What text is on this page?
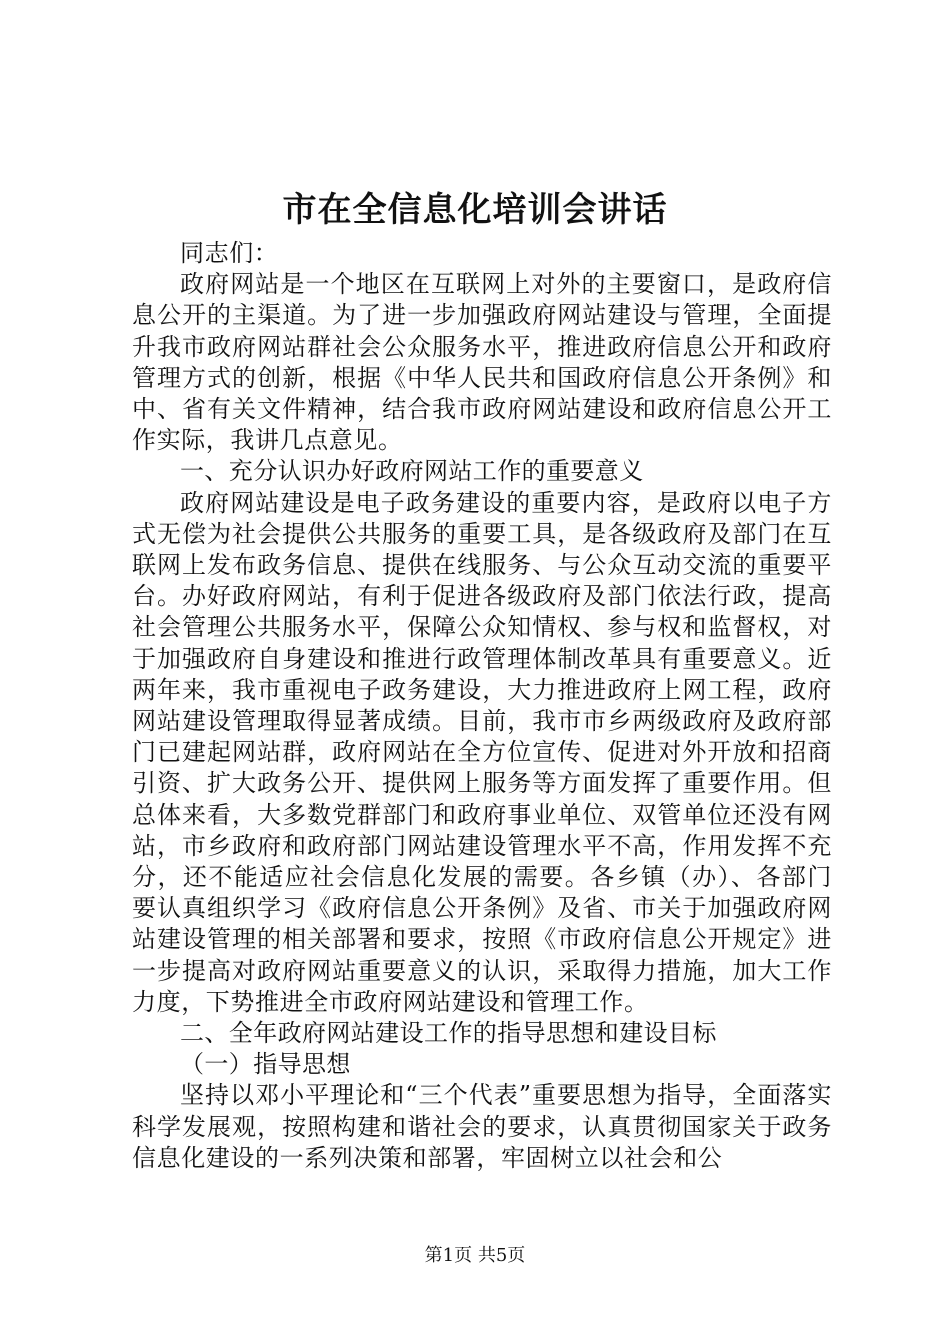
市在全信息化培训会讲话

同志们：

政府网站是一个地区在互联网上对外的主要窗口，是政府信息公开的主渠道。为了进一步加强政府网站建设与管理，全面提升我市政府网站群社会公众服务水平，推进政府信息公开和政府管理方式的创新，根据《中华人民共和国政府信息公开条例》和中、省有关文件精神，结合我市政府网站建设和政府信息公开工作实际，我讲几点意见。

一、充分认识办好政府网站工作的重要意义

政府网站建设是电子政务建设的重要内容，是政府以电子方式无偿为社会提供公共服务的重要工具，是各级政府及部门在互联网上发布政务信息、提供在线服务、与公众互动交流的重要平台。办好政府网站，有利于促进各级政府及部门依法行政，提高社会管理公共服务水平，保障公众知情权、参与权和监督权，对于加强政府自身建设和推进行政管理体制改革具有重要意义。近两年来，我市重视电子政务建设，大力推进政府上网工程，政府网站建设管理取得显著成绩。目前，我市市乡两级政府及政府部门已建起网站群，政府网站在全方位宣传、促进对外开放和招商引资、扩大政务公开、提供网上服务等方面发挥了重要作用。但总体来看，大多数党群部门和政府事业单位、双管单位还没有网站，市乡政府和政府部门网站建设管理水平不高，作用发挥不充分，还不能适应社会信息化发展的需要。各乡镇（办）、各部门要认真组织学习《政府信息公开条例》及省、市关于加强政府网站建设管理的相关部署和要求，按照《市政府信息公开规定》进一步提高对政府网站重要意义的认识，采取得力措施，加大工作力度，下势推进全市政府网站建设和管理工作。

二、全年政府网站建设工作的指导思想和建设目标

（一）指导思想

坚持以邓小平理论和“三个代表”重要思想为指导，全面落实科学发展观，按照构建和谐社会的要求，认真贯彻国家关于政务信息化建设的一系列决策和部署，牢固树立以社会和公

第1页 共5页
